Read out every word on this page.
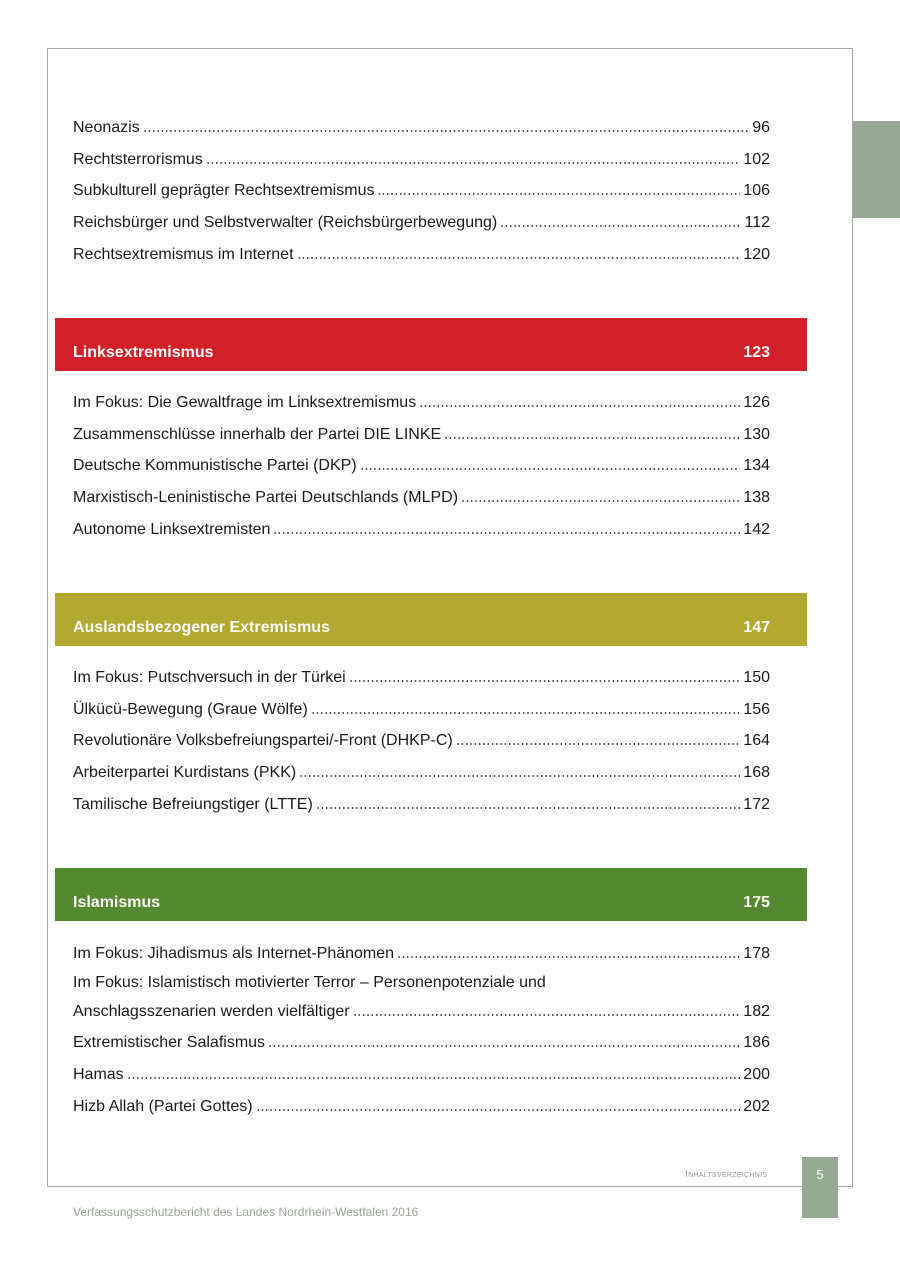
Neonazis	96
Rechtsterrorismus	102
Subkulturell geprägter Rechtsextremismus	106
Reichsbürger und Selbstverwalter (Reichsbürgerbewegung)	112
Rechtsextremismus im Internet	120
Linksextremismus	123
Im Fokus: Die Gewaltfrage im Linksextremismus	126
Zusammenschlüsse innerhalb der Partei DIE LINKE	130
Deutsche Kommunistische Partei (DKP)	134
Marxistisch-Leninistische Partei Deutschlands (MLPD)	138
Autonome Linksextremisten	142
Auslandsbezogener Extremismus	147
Im Fokus: Putschversuch in der Türkei	150
Ülkücü-Bewegung (Graue Wölfe)	156
Revolutionäre Volksbefreiungspartei/-Front (DHKP-C)	164
Arbeiterpartei Kurdistans (PKK)	168
Tamilische Befreiungstiger (LTTE)	172
Islamismus	175
Im Fokus: Jihadismus als Internet-Phänomen	178
Im Fokus: Islamistisch motivierter Terror – Personenpotenziale und
Anschlagsszenarien werden vielfältiger	182
Extremistischer Salafismus	186
Hamas	200
Hizb Allah (Partei Gottes)	202
Inhaltsverzeichnis	5
Verfassungsschutzbericht des Landes Nordrhein-Westfalen 2016
